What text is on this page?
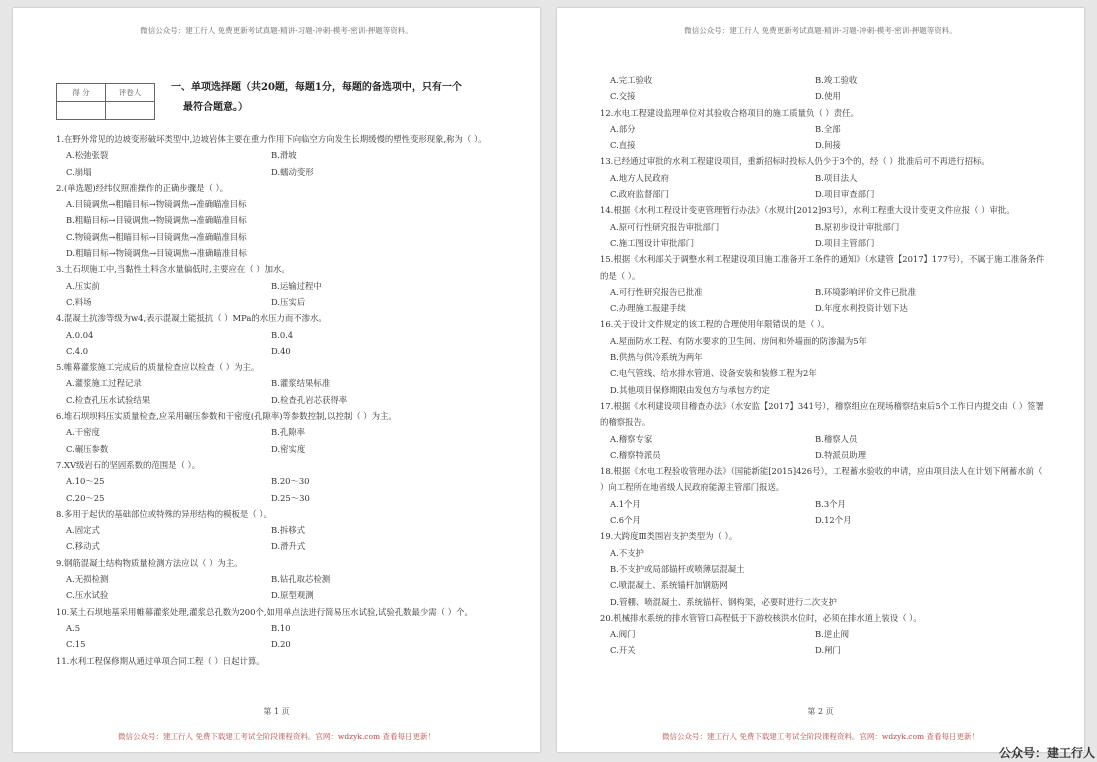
微信公众号：建工行人 免费更新考试真题-精讲-习题-冲刺-模考-密训-押题等资料。
得 分	评卷人
		一、单项选择题（共20题，每题1分，每题的备选项中，只有一个
最符合题意。）
1.在野外常见的边坡变形破坏类型中,边坡岩体主要在重力作用下向临空方向发生长期缓慢的塑性变形现象,称为（ ）。
A.松弛张裂	B.滑坡
C.崩塌	D.蠕动变形
2.(单选题)经纬仪照准操作的正确步骤是（ ）。
A.目镜调焦→粗瞄目标→物镜调焦→准确瞄准目标
B.粗瞄目标→目镜调焦→物镜调焦→准确瞄准目标
C.物镜调焦→粗瞄目标→目镜调焦→准确瞄准目标
D.粗瞄目标→物镜调焦→目镜调焦→准确瞄准目标
3.土石坝施工中,当黏性土料含水量偏低时,主要应在（ ）加水。
A.压实前	B.运输过程中
C.料场	D.压实后
4.混凝土抗渗等级为w4,表示混凝土能抵抗（ ）MPa的水压力而不渗水。
A.0.04	B.0.4
C.4.0	D.40
5.帷幕灌浆施工完成后的质量检查应以检查（ ）为主。
A.灌浆施工过程记录	B.灌浆结果标准
C.检查孔压水试验结果	D.检查孔岩芯获得率
6.堆石坝坝料压实质量检查,应采用碾压参数和干密度(孔隙率)等参数控制,以控制（ ）为主。
A.干密度	B.孔隙率
C.碾压参数	D.密实度
7.XV级岩石的坚固系数的范围是（ ）。
A.10～25	B.20～30
C.20～25	D.25～30
8.多用于起伏的基础部位或特殊的异形结构的模板是（ ）。
A.固定式	B.拆移式
C.移动式	D.滑升式
9.钢筋混凝土结构物质量检测方法应以（ ）为主。
A.无损检测	B.钻孔取芯检测
C.压水试验	D.原型观测
10.某土石坝地基采用帷幕灌浆处理,灌浆总孔数为200个,如用单点法进行简易压水试验,试验孔数最少需（ ）个。
A.5	B.10
C.15	D.20
11.水利工程保修期从通过单项合同工程（ ）日起计算。
第 1 页
微信公众号：建工行人 免费下载建工考试全阶段课程资料。官网：wdzyk.com 查看每日更新！
微信公众号：建工行人 免费更新考试真题-精讲-习题-冲刺-模考-密训-押题等资料。
A.完工验收	B.竣工验收
C.交接	D.使用
12.水电工程建设监理单位对其验收合格项目的施工质量负（ ）责任。
A.部分	B.全部
C.直接	D.间接
13.已经通过审批的水利工程建设项目，重新招标时投标人仍少于3个的，经（ ）批准后可不再进行招标。
A.地方人民政府	B.项目法人
C.政府监督部门	D.项目审查部门
14.根据《水利工程设计变更管理暂行办法》（水规计[2012]93号），水利工程重大设计变更文件应报（ ）审批。
A.原可行性研究报告审批部门	B.原初步设计审批部门
C.施工图设计审批部门	D.项目主管部门
15.根据《水利部关于调整水利工程建设项目施工准备开工条件的通知》（水建管【2017】177号），不属于施工准备条件的是（ ）。
A.可行性研究报告已批准	B.环境影响评价文件已批准
C.办理施工报建手续	D.年度水利投资计划下达
16.关于设计文件规定的该工程的合理使用年限错误的是（ ）。
A.屋面防水工程、有防水要求的卫生间、房间和外墙面的防渗漏为5年
B.供热与供冷系统为两年
C.电气管线、给水排水管道、设备安装和装修工程为2年
D.其他项目保修期限由发包方与承包方约定
17.根据《水利建设项目稽查办法》（水安监【2017】341号），稽察组应在现场稽察结束后5个工作日内提交由（ ）签署的稽察报告。
A.稽察专家	B.稽察人员
C.稽察特派员	D.特派员助理
18.根据《水电工程验收管理办法》（国能新能[2015]426号），工程蓄水验收的申请，应由项目法人在计划下闸蓄水前（ ）向工程所在地省级人民政府能源主管部门报送。
A.1个月	B.3个月
C.6个月	D.12个月
19.大跨度Ⅲ类围岩支护类型为（ ）。
A.不支护
B.不支护或局部锚杆或喷薄层混凝土
C.喷混凝土、系统锚杆加钢筋网
D.管棚、喷混凝土、系统锚杆、钢构架，必要时进行二次支护
20.机械排水系统的排水管管口高程低于下游校核洪水位时，必须在排水道上装设（ ）。
A.阀门	B.逆止阀
C.开关	D.闸门
第 2 页
微信公众号：建工行人 免费下载建工考试全阶段课程资料。官网：wdzyk.com 查看每日更新！
公众号：建工行人
